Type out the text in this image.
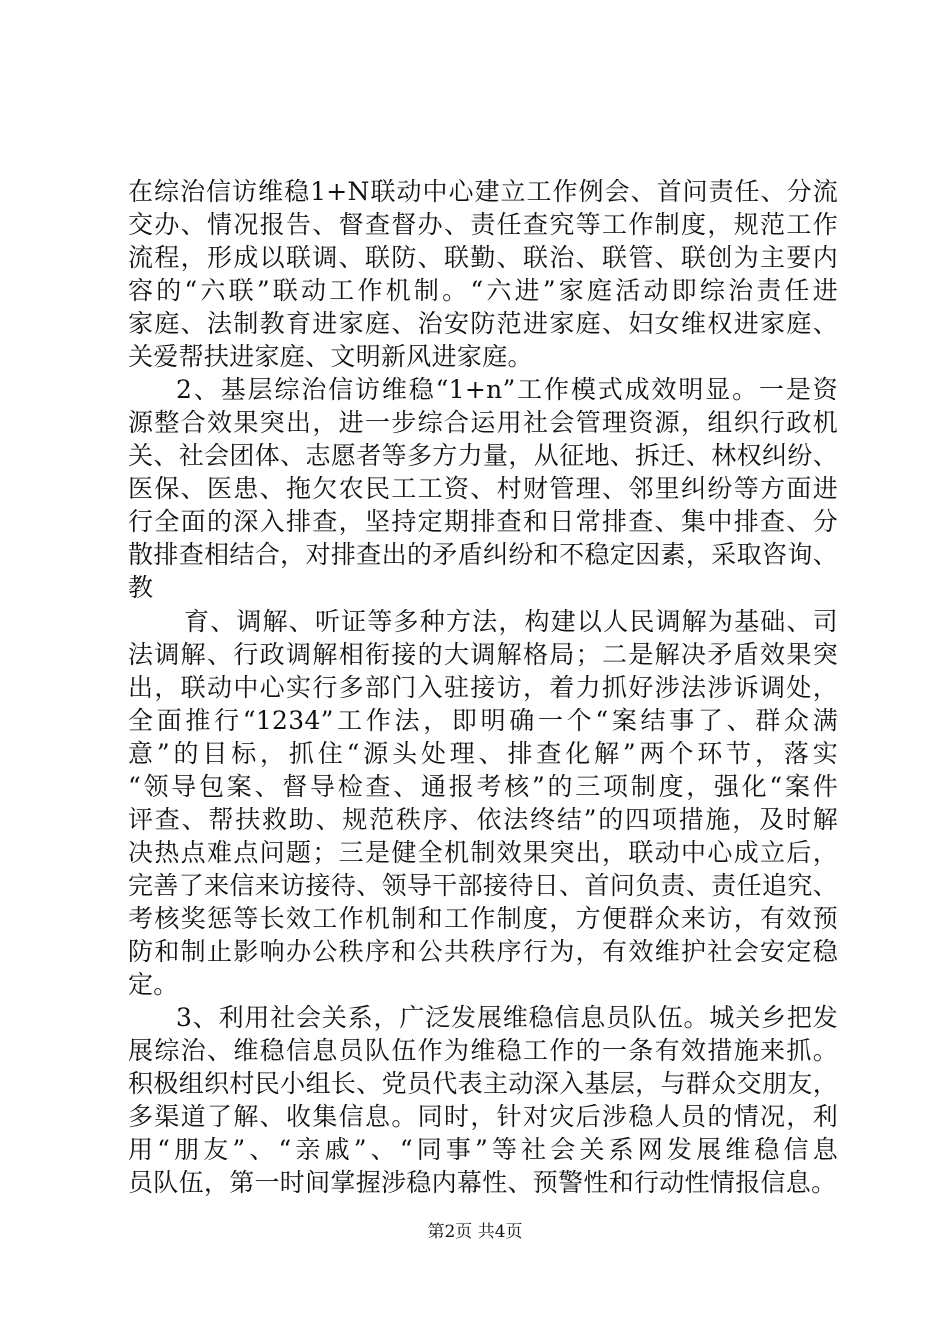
在综治信访维稳1+N联动中心建立工作例会、首问责任、分流
交办、情况报告、督查督办、责任查究等工作制度，规范工作
流程，形成以联调、联防、联勤、联治、联管、联创为主要内
容的“六联”联动工作机制。“六进”家庭活动即综治责任进
家庭、法制教育进家庭、治安防范进家庭、妇女维权进家庭、
关爱帮扶进家庭、文明新风进家庭。
2、基层综治信访维稳“1+n”工作模式成效明显。一是资
源整合效果突出，进一步综合运用社会管理资源，组织行政机
关、社会团体、志愿者等多方力量，从征地、拆迁、林权纠纷、
医保、医患、拖欠农民工工资、村财管理、邻里纠纷等方面进
行全面的深入排查，坚持定期排查和日常排查、集中排查、分
散排查相结合，对排查出的矛盾纠纷和不稳定因素，采取咨询、
教
育、调解、听证等多种方法，构建以人民调解为基础、司
法调解、行政调解相衔接的大调解格局；二是解决矛盾效果突
出，联动中心实行多部门入驻接访，着力抓好涉法涉诉调处，
全面推行“1234”工作法，即明确一个“案结事了、群众满
意”的目标，抓住“源头处理、排查化解”两个环节，落实
“领导包案、督导检查、通报考核”的三项制度，强化“案件
评查、帮扶救助、规范秩序、依法终结”的四项措施，及时解
决热点难点问题；三是健全机制效果突出，联动中心成立后，
完善了来信来访接待、领导干部接待日、首问负责、责任追究、
考核奖惩等长效工作机制和工作制度，方便群众来访，有效预
防和制止影响办公秩序和公共秩序行为，有效维护社会安定稳
定。
3、利用社会关系，广泛发展维稳信息员队伍。城关乡把发
展综治、维稳信息员队伍作为维稳工作的一条有效措施来抓。
积极组织村民小组长、党员代表主动深入基层，与群众交朋友，
多渠道了解、收集信息。同时，针对灾后涉稳人员的情况，利
用“朋友”、“亲戚”、“同事”等社会关系网发展维稳信息
员队伍，第一时间掌握涉稳内幕性、预警性和行动性情报信息。
第2页 共4页
